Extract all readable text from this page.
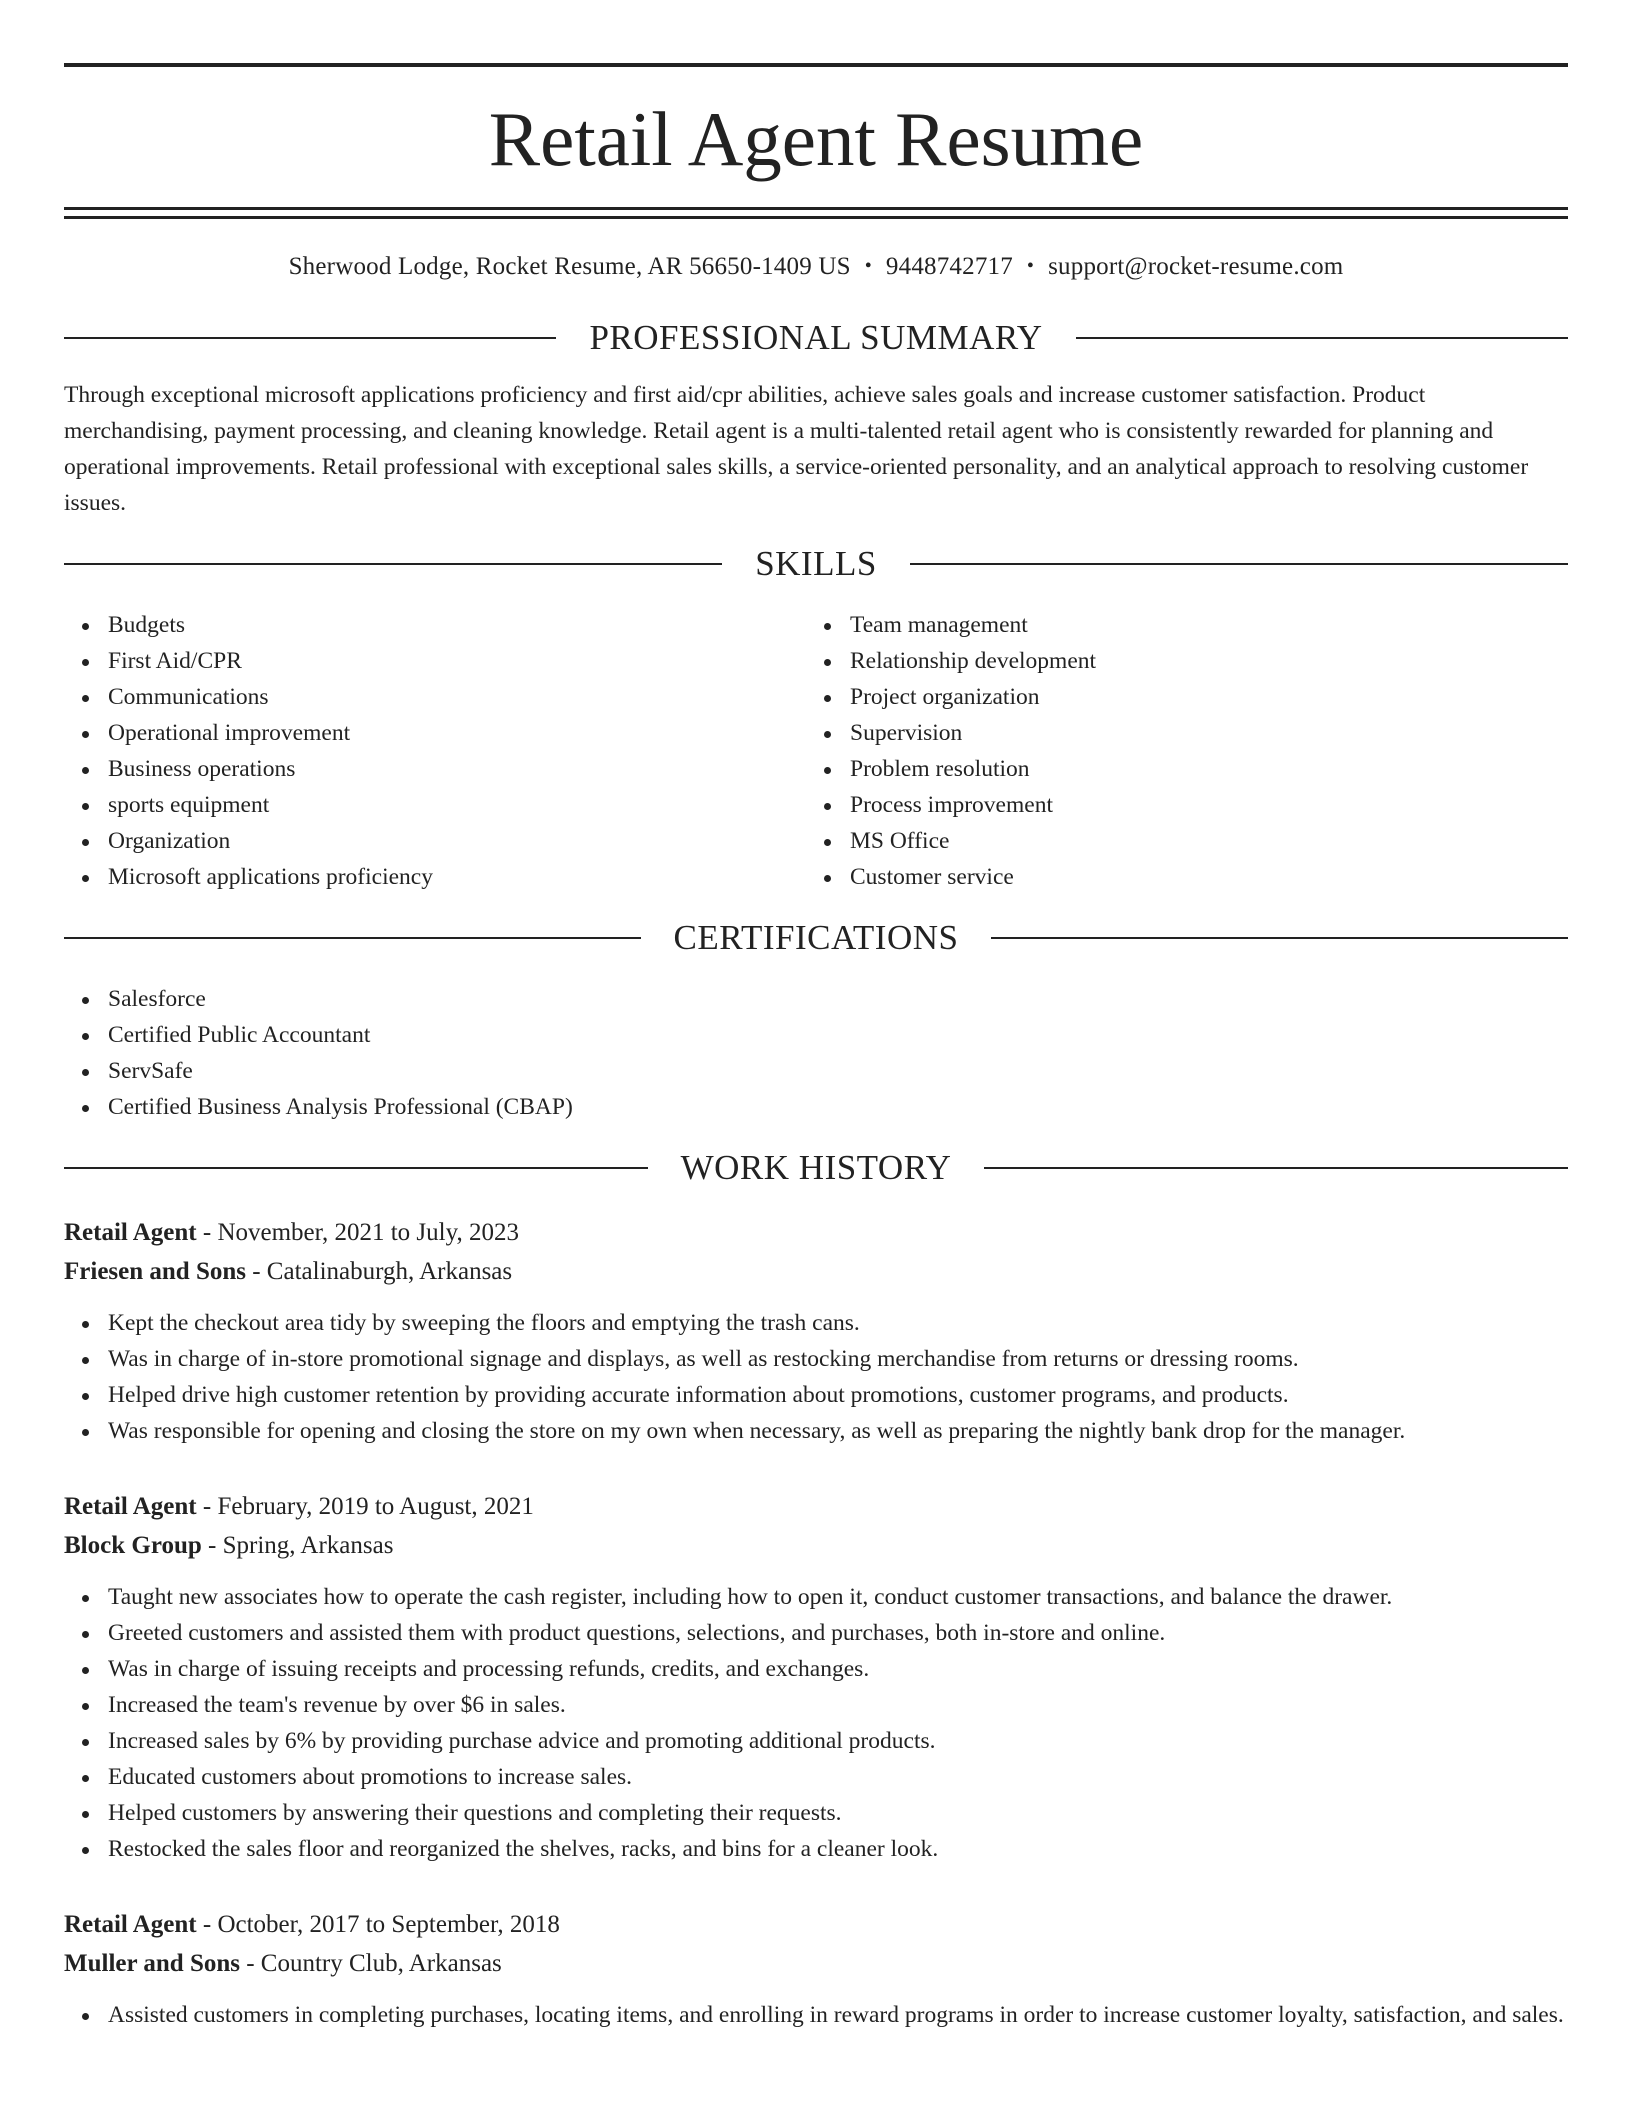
Retail Agent Resume
Sherwood Lodge, Rocket Resume, AR 56650-1409 US • 9448742717 • support@rocket-resume.com
PROFESSIONAL SUMMARY
Through exceptional microsoft applications proficiency and first aid/cpr abilities, achieve sales goals and increase customer satisfaction. Product merchandising, payment processing, and cleaning knowledge. Retail agent is a multi-talented retail agent who is consistently rewarded for planning and operational improvements. Retail professional with exceptional sales skills, a service-oriented personality, and an analytical approach to resolving customer issues.
SKILLS
Budgets
First Aid/CPR
Communications
Operational improvement
Business operations
sports equipment
Organization
Microsoft applications proficiency
Team management
Relationship development
Project organization
Supervision
Problem resolution
Process improvement
MS Office
Customer service
CERTIFICATIONS
Salesforce
Certified Public Accountant
ServSafe
Certified Business Analysis Professional (CBAP)
WORK HISTORY
Retail Agent - November, 2021 to July, 2023
Friesen and Sons - Catalinaburgh, Arkansas
Kept the checkout area tidy by sweeping the floors and emptying the trash cans.
Was in charge of in-store promotional signage and displays, as well as restocking merchandise from returns or dressing rooms.
Helped drive high customer retention by providing accurate information about promotions, customer programs, and products.
Was responsible for opening and closing the store on my own when necessary, as well as preparing the nightly bank drop for the manager.
Retail Agent - February, 2019 to August, 2021
Block Group - Spring, Arkansas
Taught new associates how to operate the cash register, including how to open it, conduct customer transactions, and balance the drawer.
Greeted customers and assisted them with product questions, selections, and purchases, both in-store and online.
Was in charge of issuing receipts and processing refunds, credits, and exchanges.
Increased the team's revenue by over $6 in sales.
Increased sales by 6% by providing purchase advice and promoting additional products.
Educated customers about promotions to increase sales.
Helped customers by answering their questions and completing their requests.
Restocked the sales floor and reorganized the shelves, racks, and bins for a cleaner look.
Retail Agent - October, 2017 to September, 2018
Muller and Sons - Country Club, Arkansas
Assisted customers in completing purchases, locating items, and enrolling in reward programs in order to increase customer loyalty, satisfaction, and sales.
